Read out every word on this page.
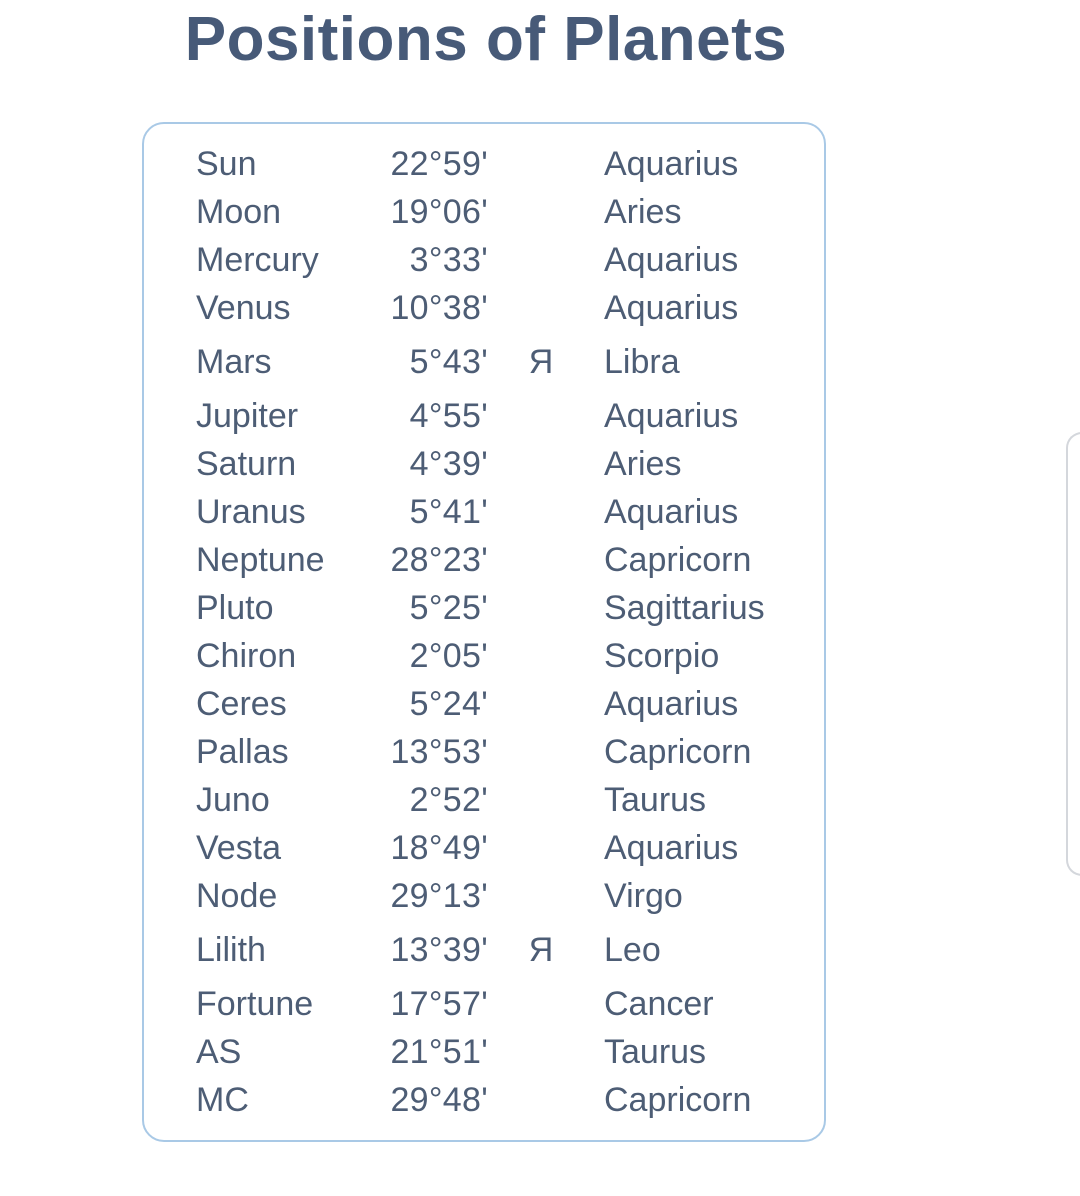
Positions of Planets
Sun	22°59'	Aquarius
Moon	19°06'	Aries
Mercury	3°33'	Aquarius
Venus	10°38'	Aquarius
Mars	5°43' Я Libra
Jupiter	4°55'	Aquarius
Saturn	4°39'	Aries
Uranus	5°41'	Aquarius
Neptune	28°23'	Capricorn
Pluto	5°25'	Sagittarius
Chiron	2°05'	Scorpio
Ceres	5°24'	Aquarius
Pallas	13°53'	Capricorn
Juno	2°52'	Taurus
Vesta	18°49'	Aquarius
Node	29°13'	Virgo
Lilith	13°39' Я Leo
Fortune	17°57'	Cancer
AS	21°51'	Taurus
MC	29°48'	Capricorn
